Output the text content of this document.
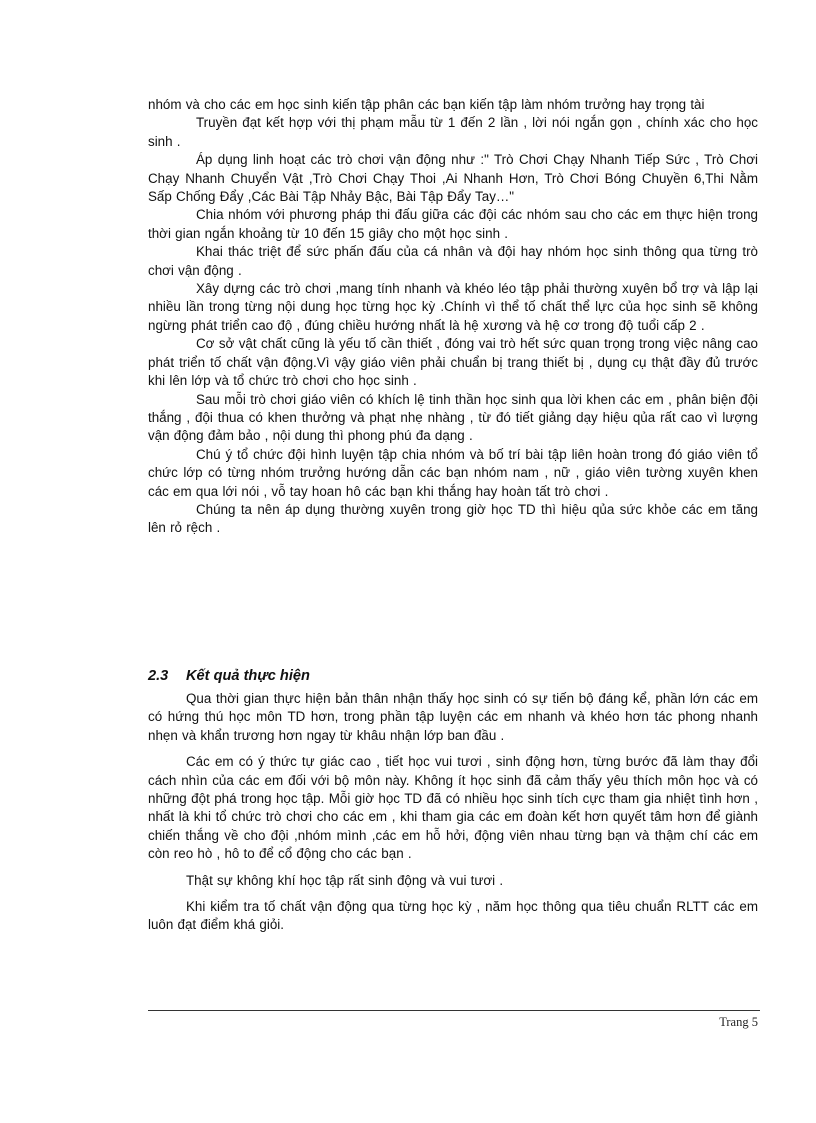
nhóm và cho các em học sinh kiến tập phân các bạn kiến tập làm nhóm trưởng hay trọng tài

Truyền đạt kết hợp với thị phạm mẫu từ 1 đến 2 lần , lời nói ngắn gọn , chính xác cho học sinh .

Áp dụng linh hoạt các trò chơi vận động như :" Trò Chơi Chạy Nhanh Tiếp Sức , Trò Chơi Chạy Nhanh Chuyển Vật ,Trò Chơi Chạy Thoi ,Ai Nhanh Hơn, Trò Chơi Bóng Chuyền 6,Thi Nằm Sấp Chống Đẩy ,Các Bài Tập Nhảy Bậc, Bài Tập Đẩy Tay…"

Chia nhóm với phương pháp thi đấu giữa các đội các nhóm sau cho các em thực hiện trong thời gian ngắn khoảng từ 10 đến 15 giây cho một học sinh .

Khai thác triệt để sức phấn đấu của cá nhân và đội hay nhóm học sinh thông qua từng trò chơi vận động .

Xây dựng các trò chơi ,mang tính nhanh và khéo léo tập phải thường xuyên bổ trợ và lập lại nhiều lần trong từng nội dung học từng học kỳ .Chính vì thể tố chất thể lực của học sinh sẽ không ngừng phát triển cao độ , đúng chiều hướng nhất là hệ xương và hệ cơ trong độ tuổi cấp 2 .

Cơ sở vật chất cũng là yếu tố cần thiết , đóng vai trò hết sức quan trọng trong việc nâng cao phát triển tố chất vận động.Vì vậy giáo viên phải chuẩn bị trang thiết bị , dụng cụ thật đầy đủ trước khi lên lớp và tổ chức trò chơi cho học sinh .

Sau mỗi trò chơi giáo viên có khích lệ tinh thần học sinh qua lời khen các em , phân biện đội thắng , đội thua có khen thưởng và phạt nhẹ nhàng , từ đó tiết giảng dạy hiệu qủa rất cao vì lượng vận động đảm bảo , nội dung thì phong phú đa dạng .

Chú ý tổ chức đội hình luyện tập chia nhóm và bố trí bài tập liên hoàn trong đó giáo viên tổ chức lớp có từng nhóm trưởng hướng dẫn các bạn nhóm nam , nữ , giáo viên tường xuyên khen các em qua lới nói , vỗ tay hoan hô các bạn khi thắng hay hoàn tất trò chơi .

Chúng ta nên áp dụng thường xuyên trong giờ học TD thì hiệu qủa sức khỏe các em tăng lên rỏ rệch .

2.3 Kết quả thực hiện

Qua thời gian thực hiện bản thân nhận thấy học sinh có sự tiến bộ đáng kể, phần lớn các em có hứng thú học môn TD hơn, trong phần tập luyện các em nhanh và khéo hơn tác phong nhanh nhẹn và khẩn trương hơn ngay từ khâu nhận lớp ban đầu .

Các em có ý thức tự giác cao , tiết học vui tươi , sinh động hơn, từng bước đã làm thay đổi cách nhìn của các em đối với bộ môn này. Không ít học sinh đã cảm thấy yêu thích môn học và có những đột phá trong học tập. Mỗi giờ học TD đã có nhiều học sinh tích cực tham gia nhiệt tình hơn , nhất là khi tổ chức trò chơi cho các em , khi tham gia các em đoàn kết hơn quyết tâm hơn để giành chiến thắng về cho đội ,nhóm mình ,các em hỗ hởi, động viên nhau từng bạn và thậm chí các em còn reo hò , hô to để cổ động cho các bạn .

Thật sự không khí học tập rất sinh động và vui tươi .

Khi kiểm tra tố chất vận động qua từng học kỳ , năm học thông qua tiêu chuẩn RLTT các em luôn đạt điểm khá giỏi.

Trang 5
